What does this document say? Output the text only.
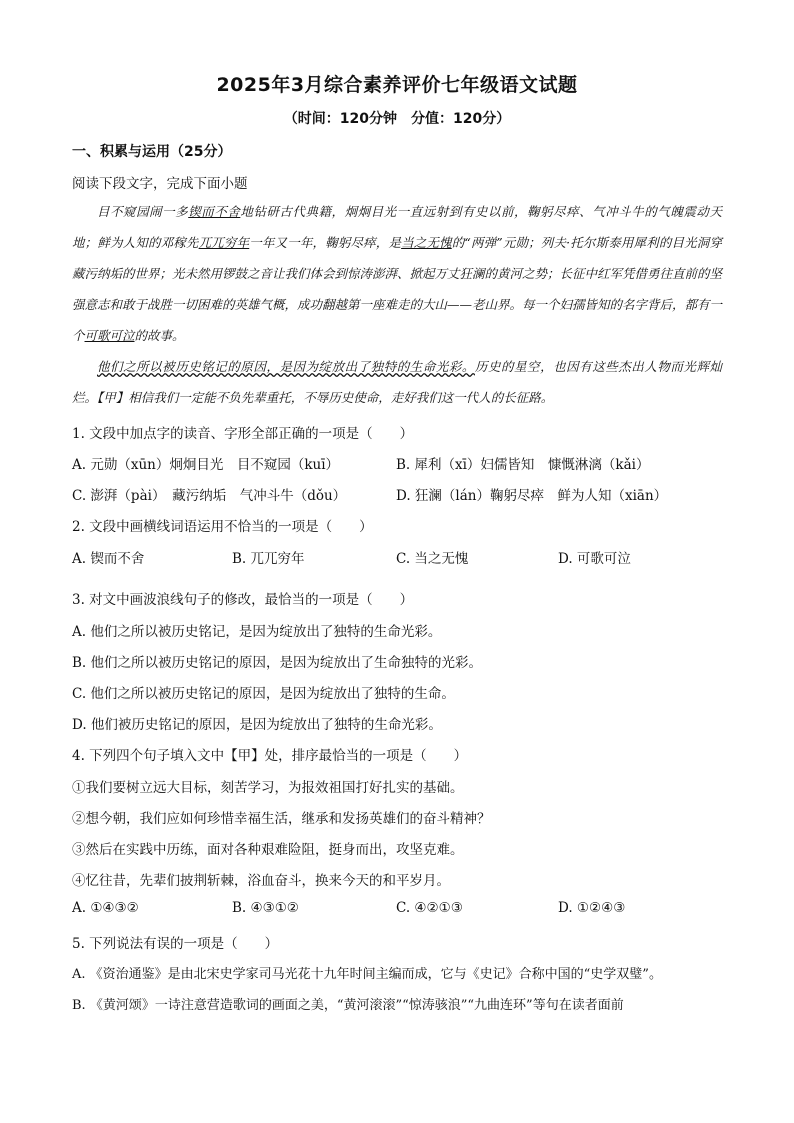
2025年3月综合素养评价七年级语文试题
（时间：120分钟　分值：120分）
一、积累与运用（25分）
阅读下段文字，完成下面小题

目不窥园闹一多锲而不舍地钻研古代典籍，炯炯目光一直远射到有史以前，鞠躬尽瘁、气冲斗牛的气魄震动天地；鲜为人知的邓稼先兀兀穷年一年又一年，鞠躬尽瘁，是当之无愧的“两弹”元勋；列夫·托尔斯泰用犀利的目光洞穿藏污纳垢的世界；光未然用锣鼓之音让我们体会到惊涛澎湃、掀起万丈狂澜的黄河之势；长征中红军凭借勇往直前的坚强意志和敢于战胜一切困难的英雄气概，成功翻越第一座难走的大山——老山界。每一个妇孺皆知的名字背后，都有一个可歌可泣的故事。

他们之所以被历史铭记的原因，是因为绽放出了独特的生命光彩。历史的星空，也因有这些杰出人物而光辉灿烂。【甲】相信我们一定能不负先辈重托，不辱历史使命，走好我们这一代人的长征路。

1. 文段中加点字的读音、字形全部正确的一项是（　　）
A. 元勋（xūn）炯炯目光　目不窥园（kuī）	B. 犀利（xī）妇儒皆知　慷慨淋漓（kǎi）
C. 澎湃（pài）　藏污纳垢　气冲斗牛（dǒu）	D. 狂澜（lán）鞠躬尽瘁　鲜为人知（xiān）
2. 文段中画横线词语运用不恰当的一项是（　　）
A. 锲而不舍	B. 兀兀穷年	C. 当之无愧	D. 可歌可泣
3. 对文中画波浪线句子的修改，最恰当的一项是（　　）
A. 他们之所以被历史铭记，是因为绽放出了独特的生命光彩。
B. 他们之所以被历史铭记的原因，是因为绽放出了生命独特的光彩。
C. 他们之所以被历史铭记的原因，是因为绽放出了独特的生命。
D. 他们被历史铭记的原因，是因为绽放出了独特的生命光彩。
4. 下列四个句子填入文中【甲】处，排序最恰当的一项是（　　）
①我们要树立远大目标，刻苦学习，为报效祖国打好扎实的基础。
②想今朝，我们应如何珍惜幸福生活，继承和发扬英雄们的奋斗精神？
③然后在实践中历练，面对各种艰难险阻，挺身而出，攻坚克难。
④忆往昔，先辈们披荆斩棘，浴血奋斗，换来今天的和平岁月。
A. ①④③②	B. ④③①②	C. ④②①③	D. ①②④③
5. 下列说法有误的一项是（　　）
A. 《资治通鉴》是由北宋史学家司马光花十九年时间主编而成，它与《史记》合称中国的“史学双璧”。
B. 《黄河颂》一诗注意营造歌词的画面之美，“黄河滚滚”“惊涛骇浪”“九曲连环”等句在读者面前
